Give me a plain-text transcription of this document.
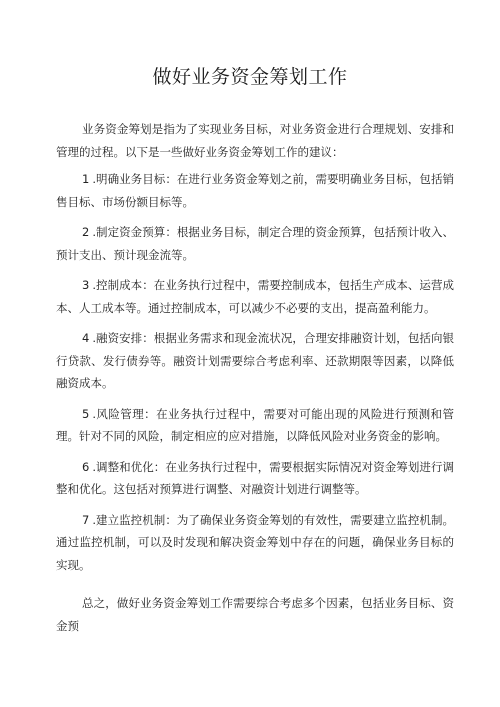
做好业务资金筹划工作

业务资金筹划是指为了实现业务目标，对业务资金进行合理规划、安排和管理的过程。以下是一些做好业务资金筹划工作的建议：

1 .明确业务目标：在进行业务资金筹划之前，需要明确业务目标，包括销售目标、市场份额目标等。

2 .制定资金预算：根据业务目标，制定合理的资金预算，包括预计收入、预计支出、预计现金流等。

3 .控制成本：在业务执行过程中，需要控制成本，包括生产成本、运营成本、人工成本等。通过控制成本，可以减少不必要的支出，提高盈利能力。

4 .融资安排：根据业务需求和现金流状况，合理安排融资计划，包括向银行贷款、发行债券等。融资计划需要综合考虑利率、还款期限等因素，以降低融资成本。

5 .风险管理：在业务执行过程中，需要对可能出现的风险进行预测和管理。针对不同的风险，制定相应的应对措施，以降低风险对业务资金的影响。

6 .调整和优化：在业务执行过程中，需要根据实际情况对资金筹划进行调整和优化。这包括对预算进行调整、对融资计划进行调整等。

7 .建立监控机制：为了确保业务资金筹划的有效性，需要建立监控机制。通过监控机制，可以及时发现和解决资金筹划中存在的问题，确保业务目标的实现。

总之，做好业务资金筹划工作需要综合考虑多个因素，包括业务目标、资金预
